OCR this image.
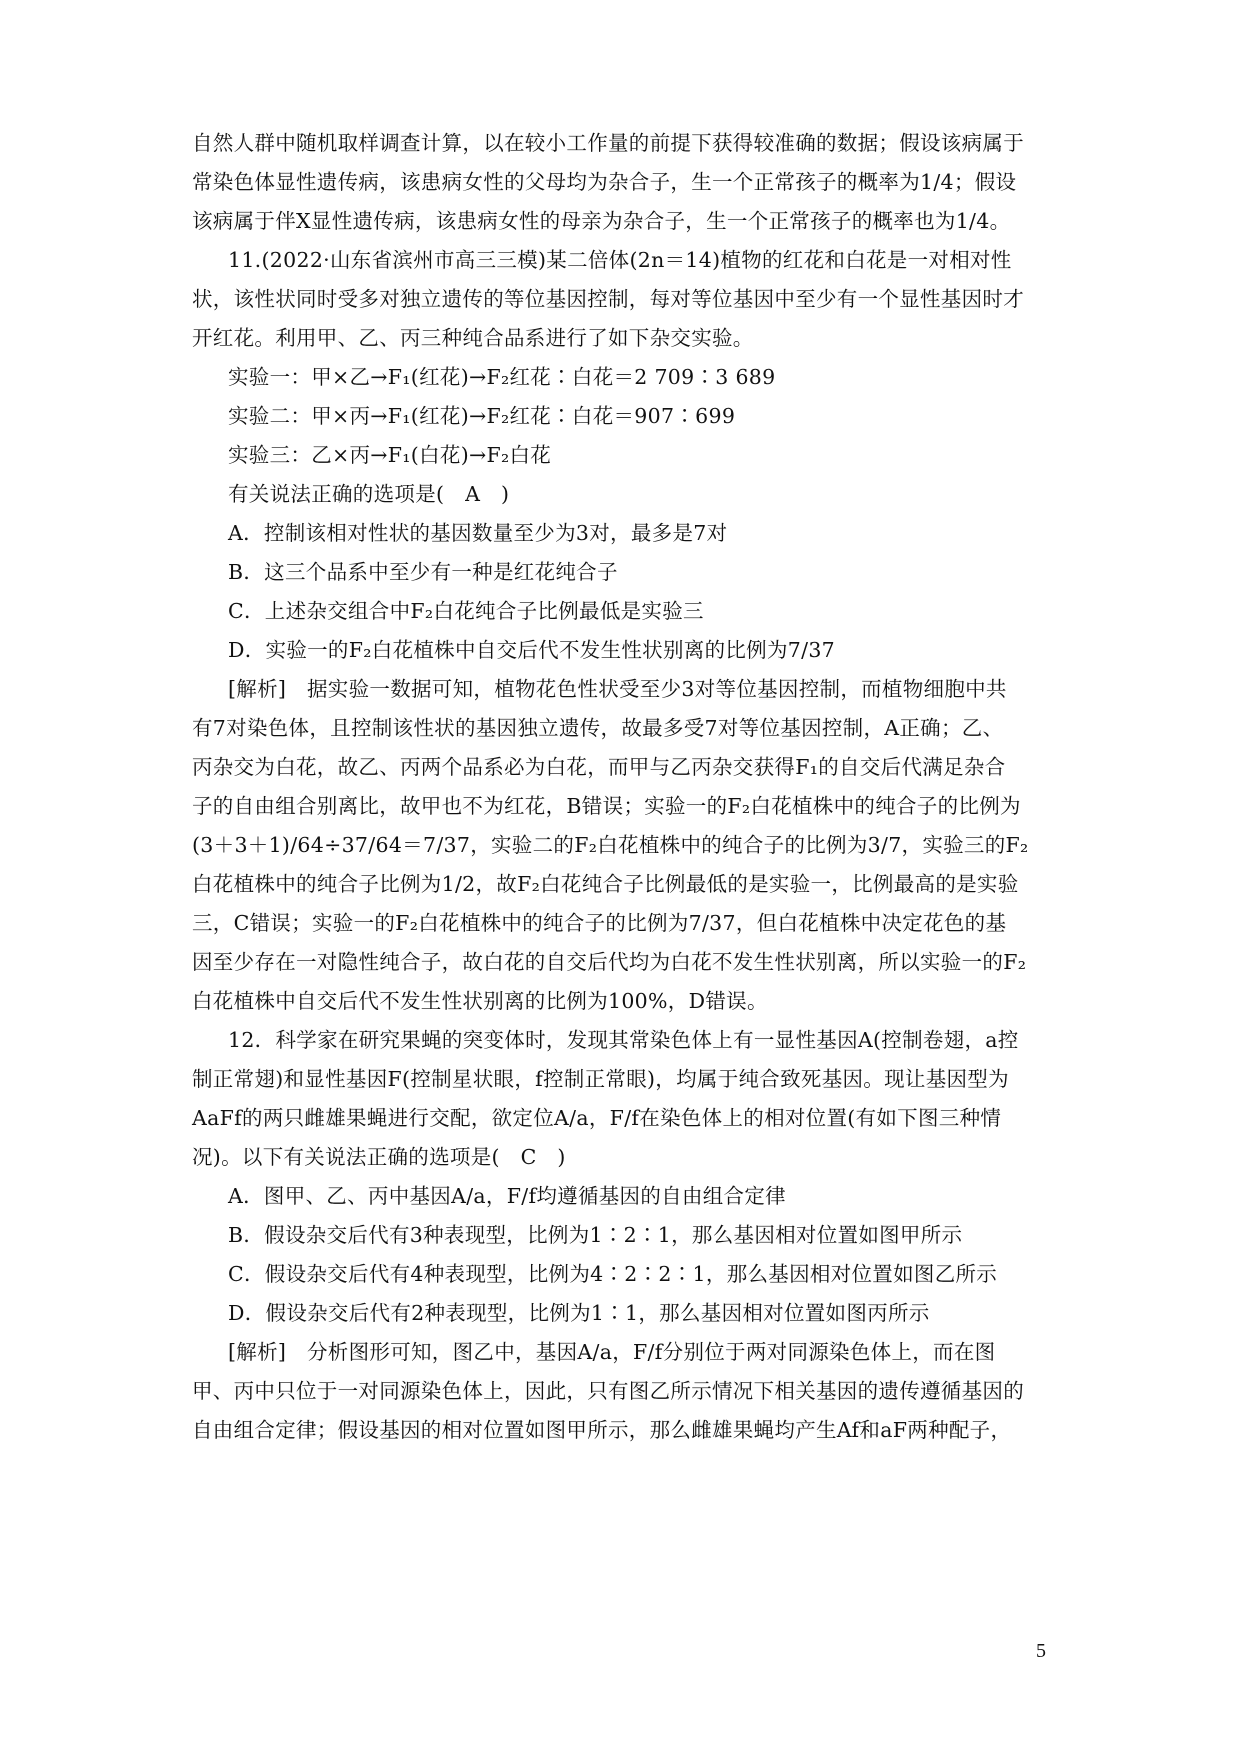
自然人群中随机取样调查计算，以在较小工作量的前提下获得较准确的数据；假设该病属于
常染色体显性遗传病，该患病女性的父母均为杂合子，生一个正常孩子的概率为1/4；假设
该病属于伴X显性遗传病，该患病女性的母亲为杂合子，生一个正常孩子的概率也为1/4。
11.(2022·山东省滨州市高三三模)某二倍体(2n＝14)植物的红花和白花是一对相对性
状，该性状同时受多对独立遗传的等位基因控制，每对等位基因中至少有一个显性基因时才
开红花。利用甲、乙、丙三种纯合品系进行了如下杂交实验。
实验一：甲×乙→F₁(红花)→F₂红花∶白花＝2 709∶3 689
实验二：甲×丙→F₁(红花)→F₂红花∶白花＝907∶699
实验三：乙×丙→F₁(白花)→F₂白花
有关说法正确的选项是(　A　)
A．控制该相对性状的基因数量至少为3对，最多是7对
B．这三个品系中至少有一种是红花纯合子
C．上述杂交组合中F₂白花纯合子比例最低是实验三
D．实验一的F₂白花植株中自交后代不发生性状别离的比例为7/37
[解析]　据实验一数据可知，植物花色性状受至少3对等位基因控制，而植物细胞中共
有7对染色体，且控制该性状的基因独立遗传，故最多受7对等位基因控制，A正确；乙、
丙杂交为白花，故乙、丙两个品系必为白花，而甲与乙丙杂交获得F₁的自交后代满足杂合
子的自由组合别离比，故甲也不为红花，B错误；实验一的F₂白花植株中的纯合子的比例为
(3＋3＋1)/64÷37/64＝7/37，实验二的F₂白花植株中的纯合子的比例为3/7，实验三的F₂
白花植株中的纯合子比例为1/2，故F₂白花纯合子比例最低的是实验一，比例最高的是实验
三，C错误；实验一的F₂白花植株中的纯合子的比例为7/37，但白花植株中决定花色的基
因至少存在一对隐性纯合子，故白花的自交后代均为白花不发生性状别离，所以实验一的F₂
白花植株中自交后代不发生性状别离的比例为100%，D错误。
12．科学家在研究果蝇的突变体时，发现其常染色体上有一显性基因A(控制卷翅，a控
制正常翅)和显性基因F(控制星状眼，f控制正常眼)，均属于纯合致死基因。现让基因型为
AaFf的两只雌雄果蝇进行交配，欲定位A/a，F/f在染色体上的相对位置(有如下图三种情
况)。以下有关说法正确的选项是(　C　)
A．图甲、乙、丙中基因A/a，F/f均遵循基因的自由组合定律
B．假设杂交后代有3种表现型，比例为1∶2∶1，那么基因相对位置如图甲所示
C．假设杂交后代有4种表现型，比例为4∶2∶2∶1，那么基因相对位置如图乙所示
D．假设杂交后代有2种表现型，比例为1∶1，那么基因相对位置如图丙所示
[解析]　分析图形可知，图乙中，基因A/a，F/f分别位于两对同源染色体上，而在图
甲、丙中只位于一对同源染色体上，因此，只有图乙所示情况下相关基因的遗传遵循基因的
自由组合定律；假设基因的相对位置如图甲所示，那么雌雄果蝇均产生Af和aF两种配子，
5
